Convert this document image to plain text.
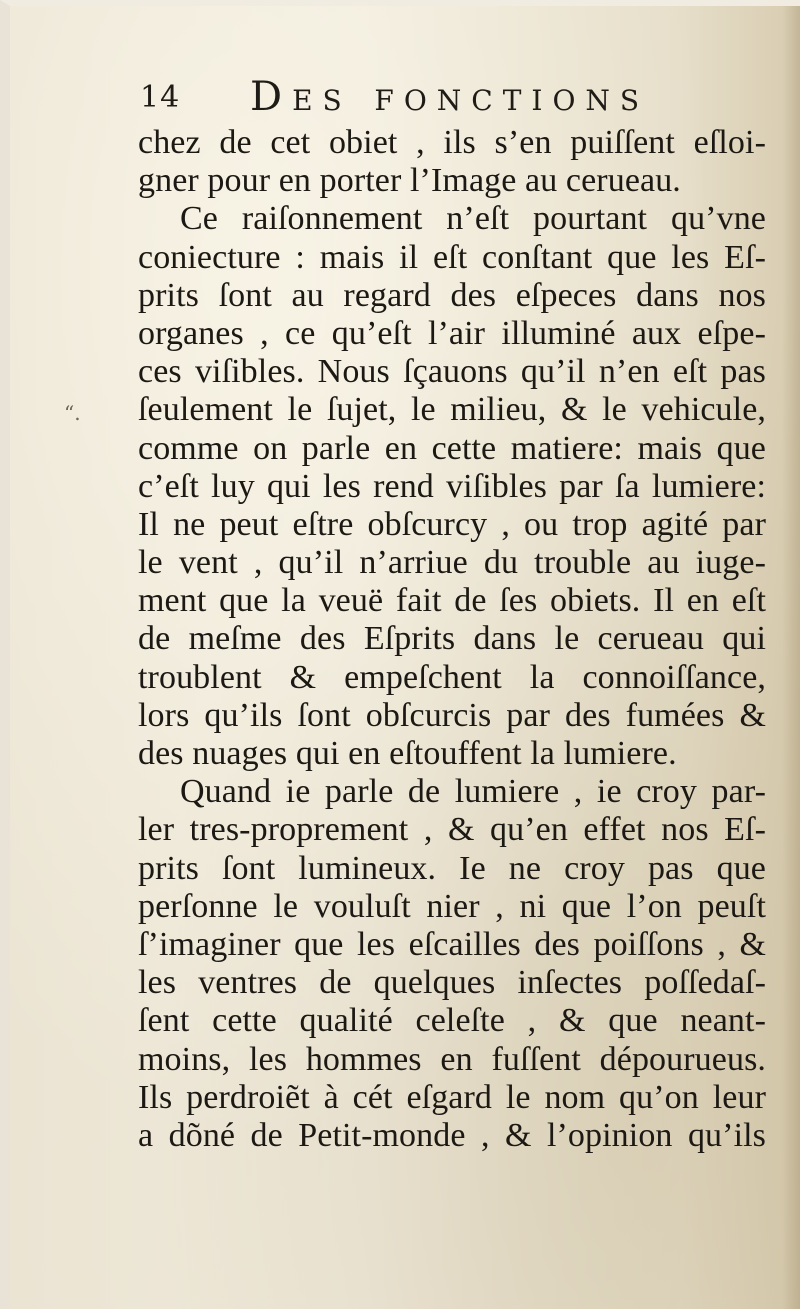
14 Des fonctions
“.
chez de cet obiet , ils s’en puiſſent eſloi-
gner pour en porter l’Image au cerueau.
Ce raiſonnement n’eſt pourtant qu’vne
coniecture : mais il eſt conſtant que les Eſ-
prits ſont au regard des eſpeces dans nos
organes , ce qu’eſt l’air illuminé aux eſpe-
ces viſibles. Nous ſçauons qu’il n’en eſt pas
ſeulement le ſujet, le milieu, & le vehicule,
comme on parle en cette matiere: mais que
c’eſt luy qui les rend viſibles par ſa lumiere:
Il ne peut eſtre obſcurcy , ou trop agité par
le vent , qu’il n’arriue du trouble au iuge-
ment que la veuë fait de ſes obiets. Il en eſt
de meſme des Eſprits dans le cerueau qui
troublent & empeſchent la connoiſſance,
lors qu’ils ſont obſcurcis par des fumées &
des nuages qui en eſtouffent la lumiere.
Quand ie parle de lumiere , ie croy par-
ler tres-proprement , & qu’en effet nos Eſ-
prits ſont lumineux. Ie ne croy pas que
perſonne le vouluſt nier , ni que l’on peuſt
ſ’imaginer que les eſcailles des poiſſons , &
les ventres de quelques inſectes poſſedaſ-
ſent cette qualité celeſte , & que neant-
moins, les hommes en fuſſent dépourueus.
Ils perdroiẽt à cét eſgard le nom qu’on leur
a dõné de Petit-monde , & l’opinion qu’ils
